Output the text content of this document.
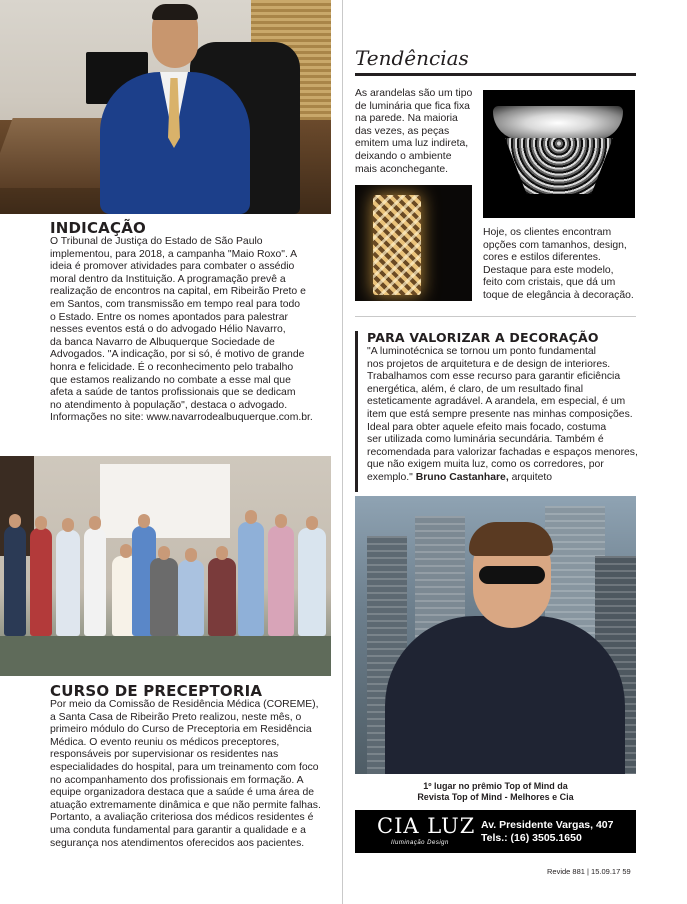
INDICAÇÃO

O Tribunal de Justiça do Estado de São Paulo

implementou, para 2018, a campanha "Maio Roxo". A

ideia é promover atividades para combater o assédio

moral dentro da Instituição. A programação prevê a

realização de encontros na capital, em Ribeirão Preto e

em Santos, com transmissão em tempo real para todo

o Estado. Entre os nomes apontados para palestrar

nesses eventos está o do advogado Hélio Navarro,

da banca Navarro de Albuquerque Sociedade de

Advogados. "A indicação, por si só, é motivo de grande

honra e felicidade. É o reconhecimento pelo trabalho

que estamos realizando no combate a esse mal que

afeta a saúde de tantos profissionais que se dedicam

no atendimento à população", destaca o advogado.

Informações no site: www.navarrodealbuquerque.com.br.

CURSO DE PRECEPTORIA

Por meio da Comissão de Residência Médica (COREME),

a Santa Casa de Ribeirão Preto realizou, neste mês, o

primeiro módulo do Curso de Preceptoria em Residência

Médica. O evento reuniu os médicos preceptores,

responsáveis por supervisionar os residentes nas

especialidades do hospital, para um treinamento com foco

no acompanhamento dos profissionais em formação. A

equipe organizadora destaca que a saúde é uma área de

atuação extremamente dinâmica e que não permite falhas.

Portanto, a avaliação criteriosa dos médicos residentes é

uma conduta fundamental para garantir a qualidade e a

segurança nos atendimentos oferecidos aos pacientes.

Tendências

As arandelas são um tipo

de luminária que fica fixa

na parede. Na maioria

das vezes, as peças

emitem uma luz indireta,

deixando o ambiente

mais aconchegante.

Hoje, os clientes encontram

opções com tamanhos, design,

cores e estilos diferentes.

Destaque para este modelo,

feito com cristais, que dá um

toque de elegância à decoração.

PARA VALORIZAR A DECORAÇÃO

"A luminotécnica se tornou um ponto fundamental

nos projetos de arquitetura e de design de interiores.

Trabalhamos com esse recurso para garantir eficiência

energética, além, é claro, de um resultado final

esteticamente agradável. A arandela, em especial, é um

item que está sempre presente nas minhas composições.

Ideal para obter aquele efeito mais focado, costuma

ser utilizada como luminária secundária. Também é

recomendada para valorizar fachadas e espaços menores,

que não exigem muita luz, como os corredores, por

exemplo." Bruno Castanhare, arquiteto

1º lugar no prêmio Top of Mind da
Revista Top of Mind - Melhores e Cia
CIA LUZ
Iluminação Design
Av. Presidente Vargas, 407
Tels.: (16) 3505.1650
Revide 881 | 15.09.17 59
